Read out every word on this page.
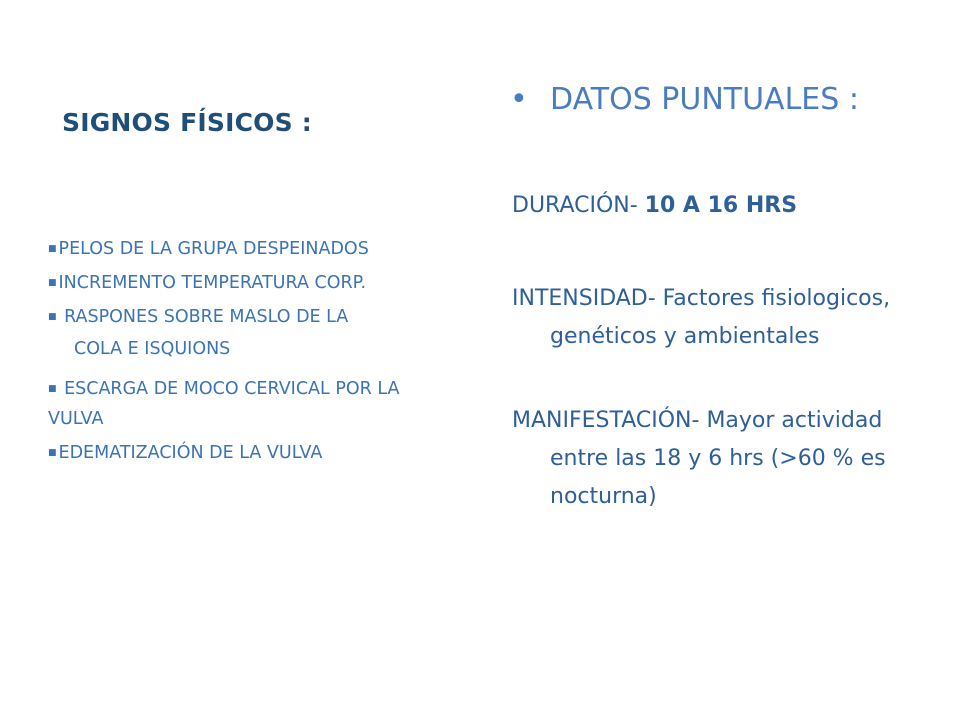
SIGNOS FÍSICOS :
■ PELOS DE LA GRUPA DESPEINADOS
■ INCREMENTO TEMPERATURA CORP.
■ RASPONES SOBRE MASLO DE LA
COLA E ISQUIONS
■ ESCARGA DE MOCO CERVICAL POR LA VULVA
■ EDEMATIZACIÓN DE LA VULVA
• DATOS PUNTUALES :

DURACIÓN- 10 A 16 HRS

INTENSIDAD- Factores fisiologicos, genéticos y ambientales

MANIFESTACIÓN- Mayor actividad entre las 18 y 6 hrs (>60 % es nocturna)
